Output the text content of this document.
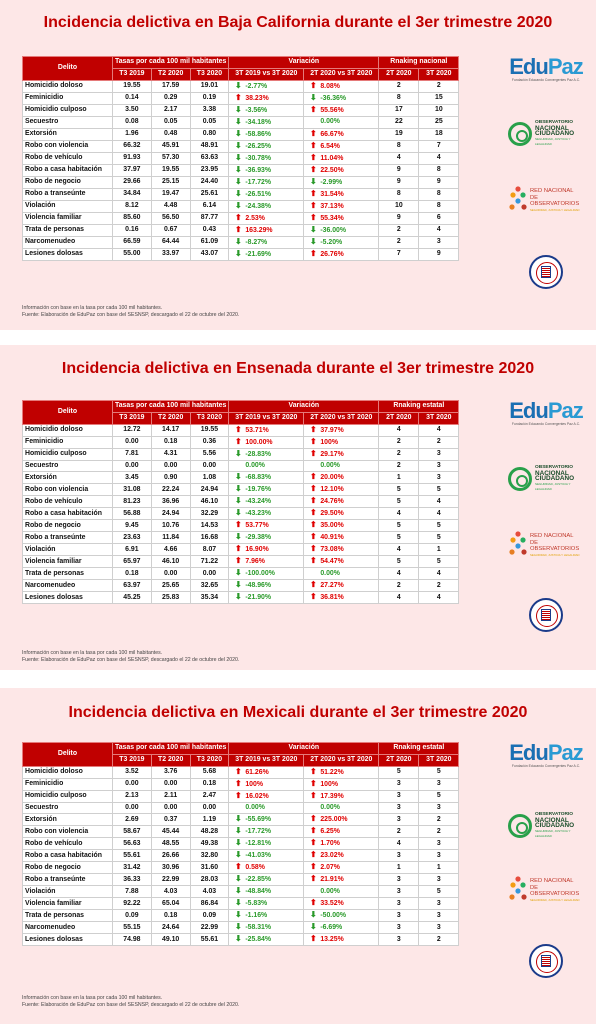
Incidencia delictiva en Baja California durante el 3er trimestre 2020
Delito	Tasas por cada 100 mil habitantes			Variación		Rnaking nacional	
	T3 2019	T2 2020	T3 2020	3T 2019 vs 3T 2020	2T 2020 vs 3T 2020	2T 2020	3T 2020
Homicidio doloso	19.55	17.59	19.01	⬇ -2.77%	⬆ 8.08%	2	2
Feminicidio	0.14	0.29	0.19	⬆ 38.23%	⬇ -36.36%	8	15
Homicidio culposo	3.50	2.17	3.38	⬇ -3.56%	⬆ 55.56%	17	10
Secuestro	0.08	0.05	0.05	⬇ -34.18%	0.00%	22	25
Extorsión	1.96	0.48	0.80	⬇ -58.86%	⬆ 66.67%	19	18
Robo con violencia	66.32	45.91	48.91	⬇ -26.25%	⬆ 6.54%	8	7
Robo de vehículo	91.93	57.30	63.63	⬇ -30.78%	⬆ 11.04%	4	4
Robo a casa habitación	37.97	19.55	23.95	⬇ -36.93%	⬆ 22.50%	9	8
Robo de negocio	29.66	25.15	24.40	⬇ -17.72%	⬇ -2.99%	9	9
Robo a transeúnte	34.84	19.47	25.61	⬇ -26.51%	⬆ 31.54%	8	8
Violación	8.12	4.48	6.14	⬇ -24.38%	⬆ 37.13%	10	8
Violencia familiar	85.60	56.50	87.77	⬆ 2.53%	⬆ 55.34%	9	6
Trata de personas	0.16	0.67	0.43	⬆ 163.29%	⬇ -36.00%	2	4
Narcomenudeo	66.59	64.44	61.09	⬇ -8.27%	⬇ -5.20%	2	3
Lesiones dolosas	55.00	33.97	43.07	⬇ -21.69%	⬆ 26.76%	7	9
Información con base en la tasa por cada 100 mil habitantes.
Fuente: Elaboración de EduPaz con base del SESNSP, descargado el 22 de octubre del 2020.
EduPaz
Fundación Educando Convergentes Paz A.C.
OBSERVATORIO
NACIONAL
CIUDADANO
SEGURIDAD, JUSTICIA Y LEGALIDAD
RED NACIONAL
DE OBSERVATORIOS
SEGURIDAD, JUSTICIA Y LEGALIDAD
Incidencia delictiva en Ensenada durante el 3er trimestre 2020
Delito	Tasas por cada 100 mil habitantes			Variación		Rnaking estatal	
	T3 2019	T2 2020	T3 2020	3T 2019 vs 3T 2020	2T 2020 vs 3T 2020	2T 2020	3T 2020
Homicidio doloso	12.72	14.17	19.55	⬆ 53.71%	⬆ 37.97%	4	4
Feminicidio	0.00	0.18	0.36	⬆ 100.00%	⬆ 100%	2	2
Homicidio culposo	7.81	4.31	5.56	⬇ -28.83%	⬆ 29.17%	2	3
Secuestro	0.00	0.00	0.00	0.00%	0.00%	2	3
Extorsión	3.45	0.90	1.08	⬇ -68.83%	⬆ 20.00%	1	3
Robo con violencia	31.08	22.24	24.94	⬇ -19.76%	⬆ 12.10%	5	5
Robo de vehículo	81.23	36.96	46.10	⬇ -43.24%	⬆ 24.76%	5	4
Robo a casa habitación	56.88	24.94	32.29	⬇ -43.23%	⬆ 29.50%	4	4
Robo de negocio	9.45	10.76	14.53	⬆ 53.77%	⬆ 35.00%	5	5
Robo a transeúnte	23.63	11.84	16.68	⬇ -29.38%	⬆ 40.91%	5	5
Violación	6.91	4.66	8.07	⬆ 16.90%	⬆ 73.08%	4	1
Violencia familiar	65.97	46.10	71.22	⬆ 7.96%	⬆ 54.47%	5	5
Trata de personas	0.18	0.00	0.00	⬇ -100.00%	0.00%	4	4
Narcomenudeo	63.97	25.65	32.65	⬇ -48.96%	⬆ 27.27%	2	2
Lesiones dolosas	45.25	25.83	35.34	⬇ -21.90%	⬆ 36.81%	4	4
Información con base en la tasa por cada 100 mil habitantes.
Fuente: Elaboración de EduPaz con base del SESNSP, descargado el 22 de octubre del 2020.
EduPaz
Fundación Educando Convergentes Paz A.C.
OBSERVATORIO
NACIONAL
CIUDADANO
SEGURIDAD, JUSTICIA Y LEGALIDAD
RED NACIONAL
DE OBSERVATORIOS
SEGURIDAD, JUSTICIA Y LEGALIDAD
Incidencia delictiva en Mexicali durante el 3er trimestre 2020
Delito	Tasas por cada 100 mil habitantes			Variación		Rnaking estatal	
	T3 2019	T2 2020	T3 2020	3T 2019 vs 3T 2020	2T 2020 vs 3T 2020	2T 2020	3T 2020
Homicidio doloso	3.52	3.76	5.68	⬆ 61.26%	⬆ 51.22%	5	5
Feminicidio	0.00	0.00	0.18	⬆ 100%	⬆ 100%	3	3
Homicidio culposo	2.13	2.11	2.47	⬆ 16.02%	⬆ 17.39%	3	5
Secuestro	0.00	0.00	0.00	0.00%	0.00%	3	3
Extorsión	2.69	0.37	1.19	⬇ -55.69%	⬆ 225.00%	3	2
Robo con violencia	58.67	45.44	48.28	⬇ -17.72%	⬆ 6.25%	2	2
Robo de vehículo	56.63	48.55	49.38	⬇ -12.81%	⬆ 1.70%	4	3
Robo a casa habitación	55.61	26.66	32.80	⬇ -41.03%	⬆ 23.02%	3	3
Robo de negocio	31.42	30.96	31.60	⬆ 0.58%	⬆ 2.07%	1	1
Robo a transeúnte	36.33	22.99	28.03	⬇ -22.85%	⬆ 21.91%	3	3
Violación	7.88	4.03	4.03	⬇ -48.84%	0.00%	3	5
Violencia familiar	92.22	65.04	86.84	⬇ -5.83%	⬆ 33.52%	3	3
Trata de personas	0.09	0.18	0.09	⬇ -1.16%	⬇ -50.00%	3	3
Narcomenudeo	55.15	24.64	22.99	⬇ -58.31%	⬇ -6.69%	3	3
Lesiones dolosas	74.98	49.10	55.61	⬇ -25.84%	⬆ 13.25%	3	2
Información con base en la tasa por cada 100 mil habitantes.
Fuente: Elaboración de EduPaz con base del SESNSP, descargado el 22 de octubre del 2020.
EduPaz
Fundación Educando Convergentes Paz A.C.
OBSERVATORIO
NACIONAL
CIUDADANO
SEGURIDAD, JUSTICIA Y LEGALIDAD
RED NACIONAL
DE OBSERVATORIOS
SEGURIDAD, JUSTICIA Y LEGALIDAD
